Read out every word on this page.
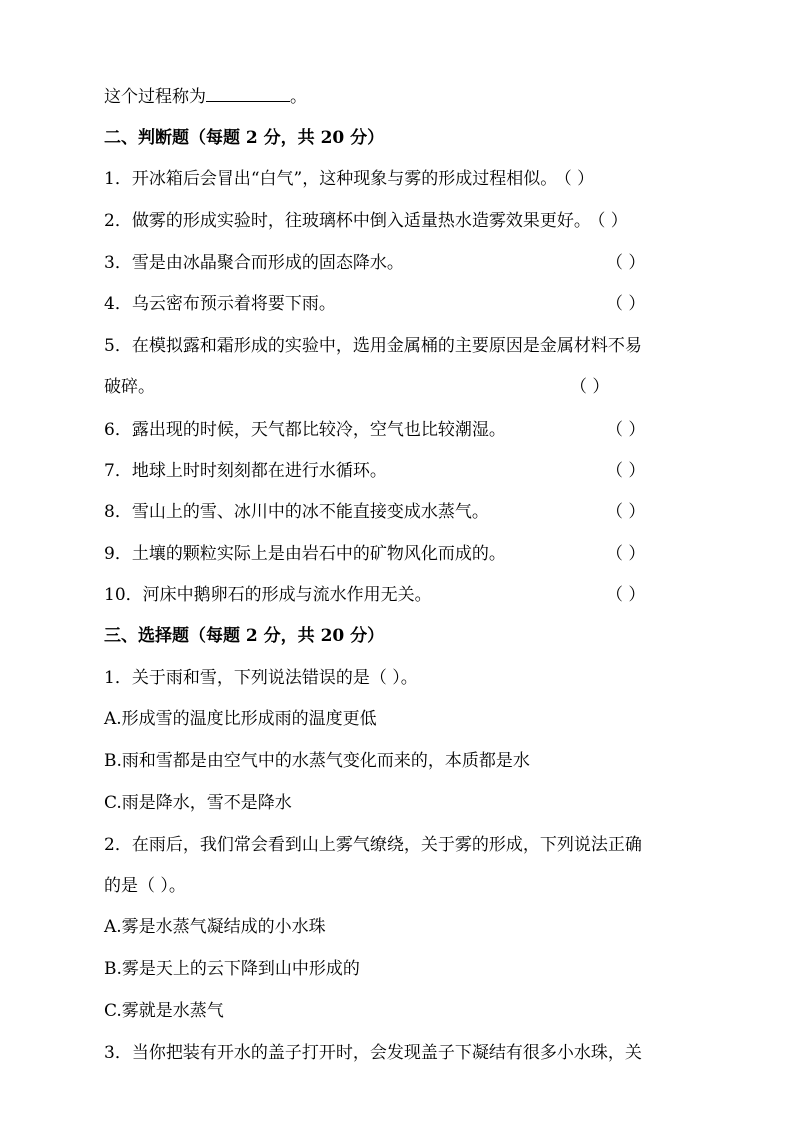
这个过程称为	。
二、判断题（每题 2 分，共 20 分）
1．开冰箱后会冒出“白气”，这种现象与雾的形成过程相似。 （ ）
2．做雾的形成实验时，往玻璃杯中倒入适量热水造雾效果更好。 （ ）
3．雪是由冰晶聚合而形成的固态降水。	（ ）
4．乌云密布预示着将要下雨。	（ ）
5．在模拟露和霜形成的实验中，选用金属桶的主要原因是金属材料不易
破碎。	（ ）
6．露出现的时候，天气都比较冷，空气也比较潮湿。	（ ）
7．地球上时时刻刻都在进行水循环。	（ ）
8．雪山上的雪、冰川中的冰不能直接变成水蒸气。	（ ）
9．土壤的颗粒实际上是由岩石中的矿物风化而成的。	（ ）
10．河床中鹅卵石的形成与流水作用无关。	（ ）
三、选择题（每题 2 分，共 20 分）
1．关于雨和雪，下列说法错误的是（ ）。
A.形成雪的温度比形成雨的温度更低
B.雨和雪都是由空气中的水蒸气变化而来的，本质都是水
C.雨是降水，雪不是降水
2．在雨后，我们常会看到山上雾气缭绕，关于雾的形成，下列说法正确
的是（ ）。
A.雾是水蒸气凝结成的小水珠
B.雾是天上的云下降到山中形成的
C.雾就是水蒸气
3．当你把装有开水的盖子打开时，会发现盖子下凝结有很多小水珠，关
